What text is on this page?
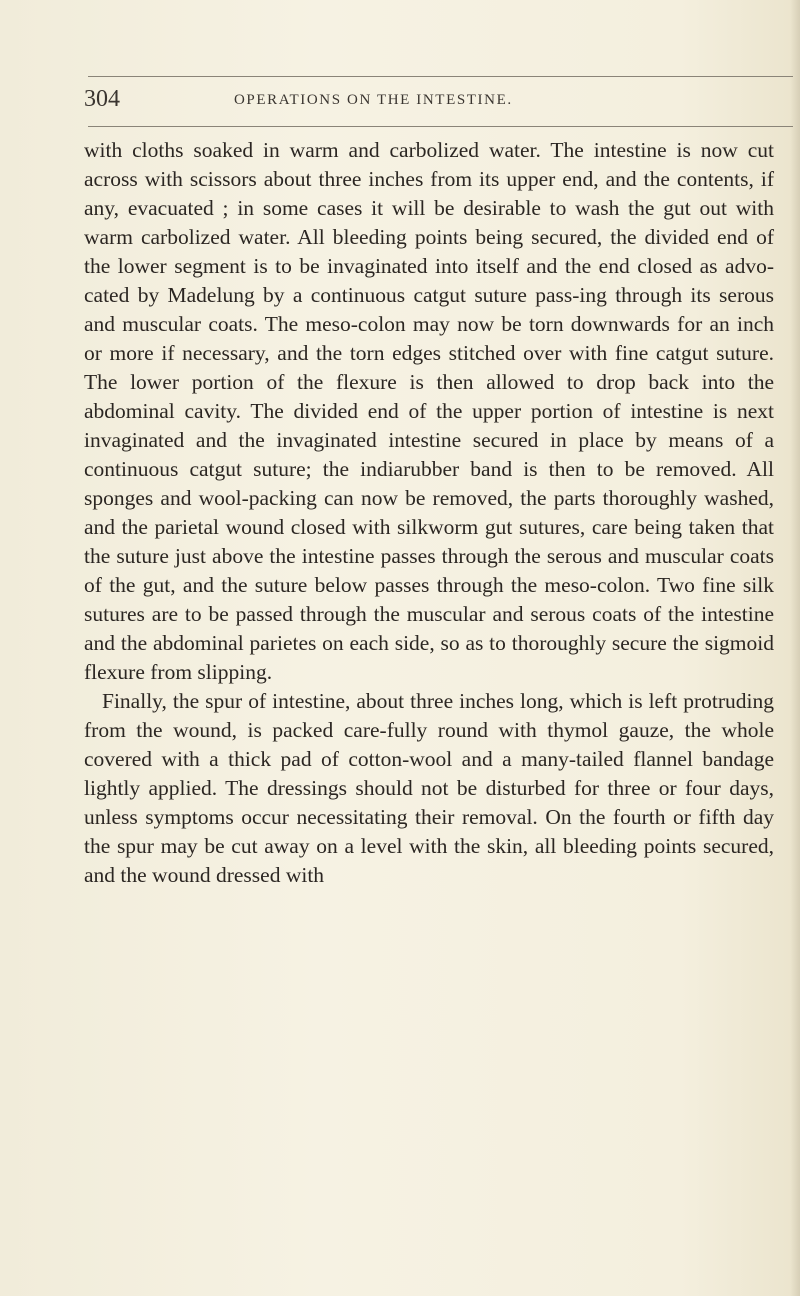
304	OPERATIONS ON THE INTESTINE.

with cloths soaked in warm and carbolized water. The intestine is now cut across with scissors about three inches from its upper end, and the contents, if any, evacuated ; in some cases it will be desirable to wash the gut out with warm carbolized water. All bleeding points being secured, the divided end of the lower segment is to be invaginated into itself and the end closed as advo-cated by Madelung by a continuous catgut suture pass-ing through its serous and muscular coats. The meso-colon may now be torn downwards for an inch or more if necessary, and the torn edges stitched over with fine catgut suture. The lower portion of the flexure is then allowed to drop back into the abdominal cavity. The divided end of the upper portion of intestine is next invaginated and the invaginated intestine secured in place by means of a continuous catgut suture; the indiarubber band is then to be removed. All sponges and wool-packing can now be removed, the parts thoroughly washed, and the parietal wound closed with silkworm gut sutures, care being taken that the suture just above the intestine passes through the serous and muscular coats of the gut, and the suture below passes through the meso-colon. Two fine silk sutures are to be passed through the muscular and serous coats of the intestine and the abdominal parietes on each side, so as to thoroughly secure the sigmoid flexure from slipping.

Finally, the spur of intestine, about three inches long, which is left protruding from the wound, is packed care-fully round with thymol gauze, the whole covered with a thick pad of cotton-wool and a many-tailed flannel bandage lightly applied. The dressings should not be disturbed for three or four days, unless symptoms occur necessitating their removal. On the fourth or fifth day the spur may be cut away on a level with the skin, all bleeding points secured, and the wound dressed with
